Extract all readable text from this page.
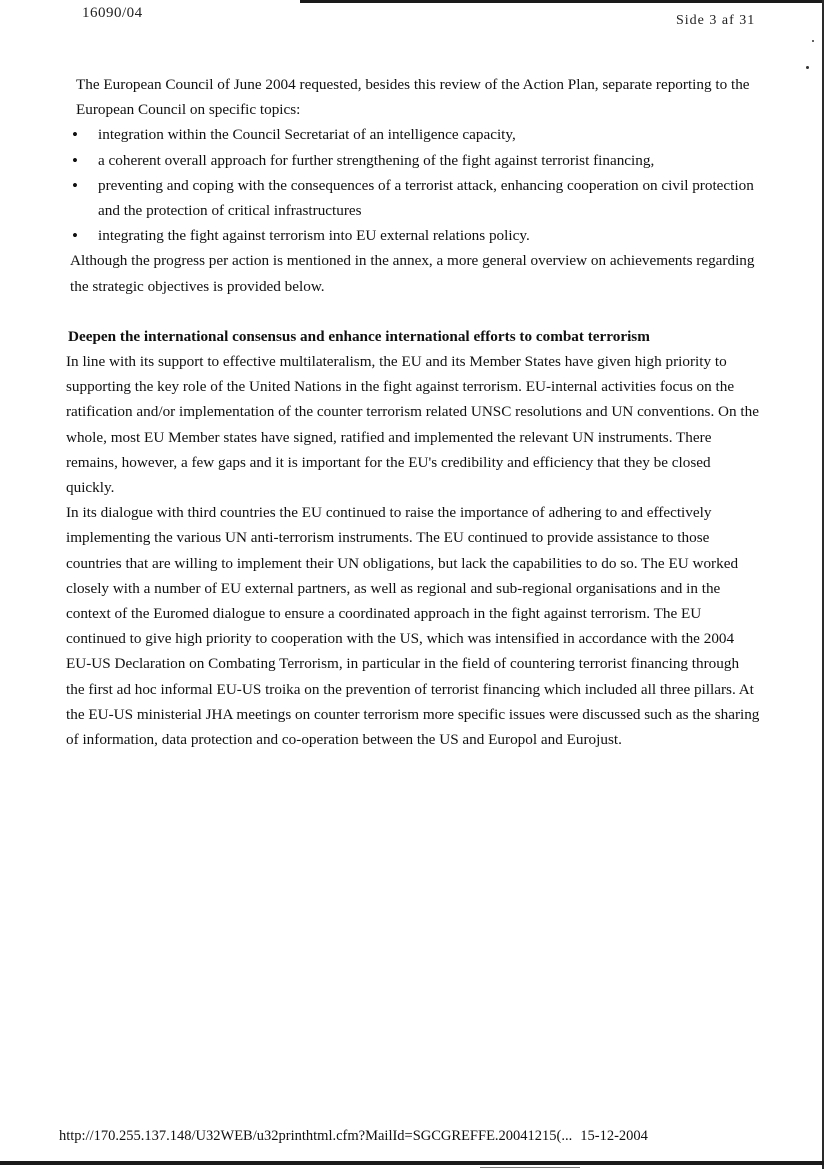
16090/04	Side 3 af 31

The European Council of June 2004 requested, besides this review of the Action Plan, separate reporting to the European Council on specific topics:

• integration within the Council Secretariat of an intelligence capacity,
• a coherent overall approach for further strengthening of the fight against terrorist financing,
• preventing and coping with the consequences of a terrorist attack, enhancing cooperation on civil protection and the protection of critical infrastructures
• integrating the fight against terrorism into EU external relations policy.

Although the progress per action is mentioned in the annex, a more general overview on achievements regarding the strategic objectives is provided below.

Deepen the international consensus and enhance international efforts to combat terrorism

In line with its support to effective multilateralism, the EU and its Member States have given high priority to supporting the key role of the United Nations in the fight against terrorism. EU-internal activities focus on the ratification and/or implementation of the counter terrorism related UNSC resolutions and UN conventions. On the whole, most EU Member states have signed, ratified and implemented the relevant UN instruments. There remains, however, a few gaps and it is important for the EU's credibility and efficiency that they be closed quickly.

In its dialogue with third countries the EU continued to raise the importance of adhering to and effectively implementing the various UN anti-terrorism instruments. The EU continued to provide assistance to those countries that are willing to implement their UN obligations, but lack the capabilities to do so. The EU worked closely with a number of EU external partners, as well as regional and sub-regional organisations and in the context of the Euromed dialogue to ensure a coordinated approach in the fight against terrorism. The EU continued to give high priority to cooperation with the US, which was intensified in accordance with the 2004 EU-US Declaration on Combating Terrorism, in particular in the field of countering terrorist financing through the first ad hoc informal EU-US troika on the prevention of terrorist financing which included all three pillars. At the EU-US ministerial JHA meetings on counter terrorism more specific issues were discussed such as the sharing of information, data protection and co-operation between the US and Europol and Eurojust.

http://170.255.137.148/U32WEB/u32printhtml.cfm?MailId=SGCGREFFE.20041215(... 15-12-2004
